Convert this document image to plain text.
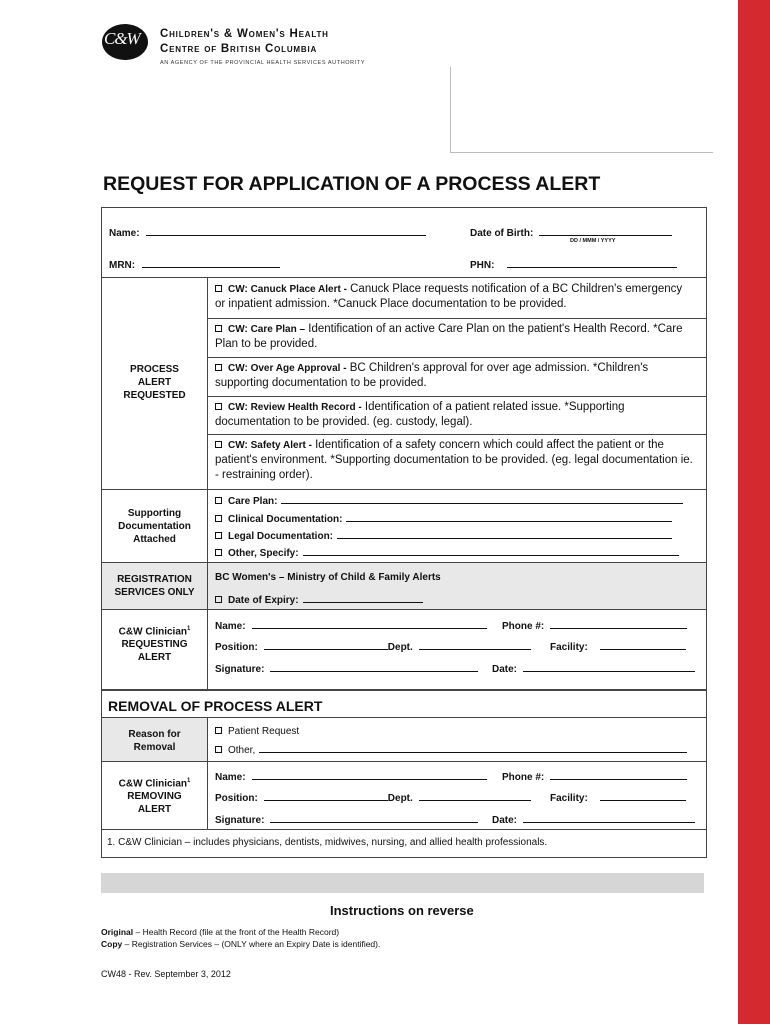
C&W Children's & Women's Health
Centre of British Columbia
AN AGENCY OF THE PROVINCIAL HEALTH SERVICES AUTHORITY
REQUEST FOR APPLICATION OF A PROCESS ALERT
Name:	Date of Birth:
DD / MMM / YYYY
MRN:	PHN:
PROCESS
ALERT
REQUESTED
CW: Canuck Place Alert - Canuck Place requests notification of a BC Children's emergency or inpatient admission. *Canuck Place documentation to be provided.
CW: Care Plan – Identification of an active Care Plan on the patient's Health Record. *Care Plan to be provided.
CW: Over Age Approval - BC Children's approval for over age admission. *Children's supporting documentation to be provided.
CW: Review Health Record - Identification of a patient related issue. *Supporting documentation to be provided. (eg. custody, legal).
CW: Safety Alert - Identification of a safety concern which could affect the patient or the patient's environment. *Supporting documentation to be provided. (eg. legal documentation ie. - restraining order).
Supporting
Documentation
Attached
Care Plan:
Clinical Documentation:
Legal Documentation:
Other, Specify:
REGISTRATION
SERVICES ONLY
BC Women's – Ministry of Child & Family Alerts
Date of Expiry:
C&W Clinician$^1$
REQUESTING
ALERT
Name:	Phone #:
Position:	Dept.	Facility:
Signature:	Date:
REMOVAL OF PROCESS ALERT
Reason for
Removal
Patient Request
Other,
C&W Clinician$^1$
REMOVING
ALERT
Name:	Phone #:
Position:	Dept.	Facility:
Signature:	Date:
1. C&W Clinician – includes physicians, dentists, midwives, nursing, and allied health professionals.
Instructions on reverse
Original – Health Record (file at the front of the Health Record)
Copy – Registration Services – (ONLY where an Expiry Date is identified).
CW48 - Rev. September 3, 2012
